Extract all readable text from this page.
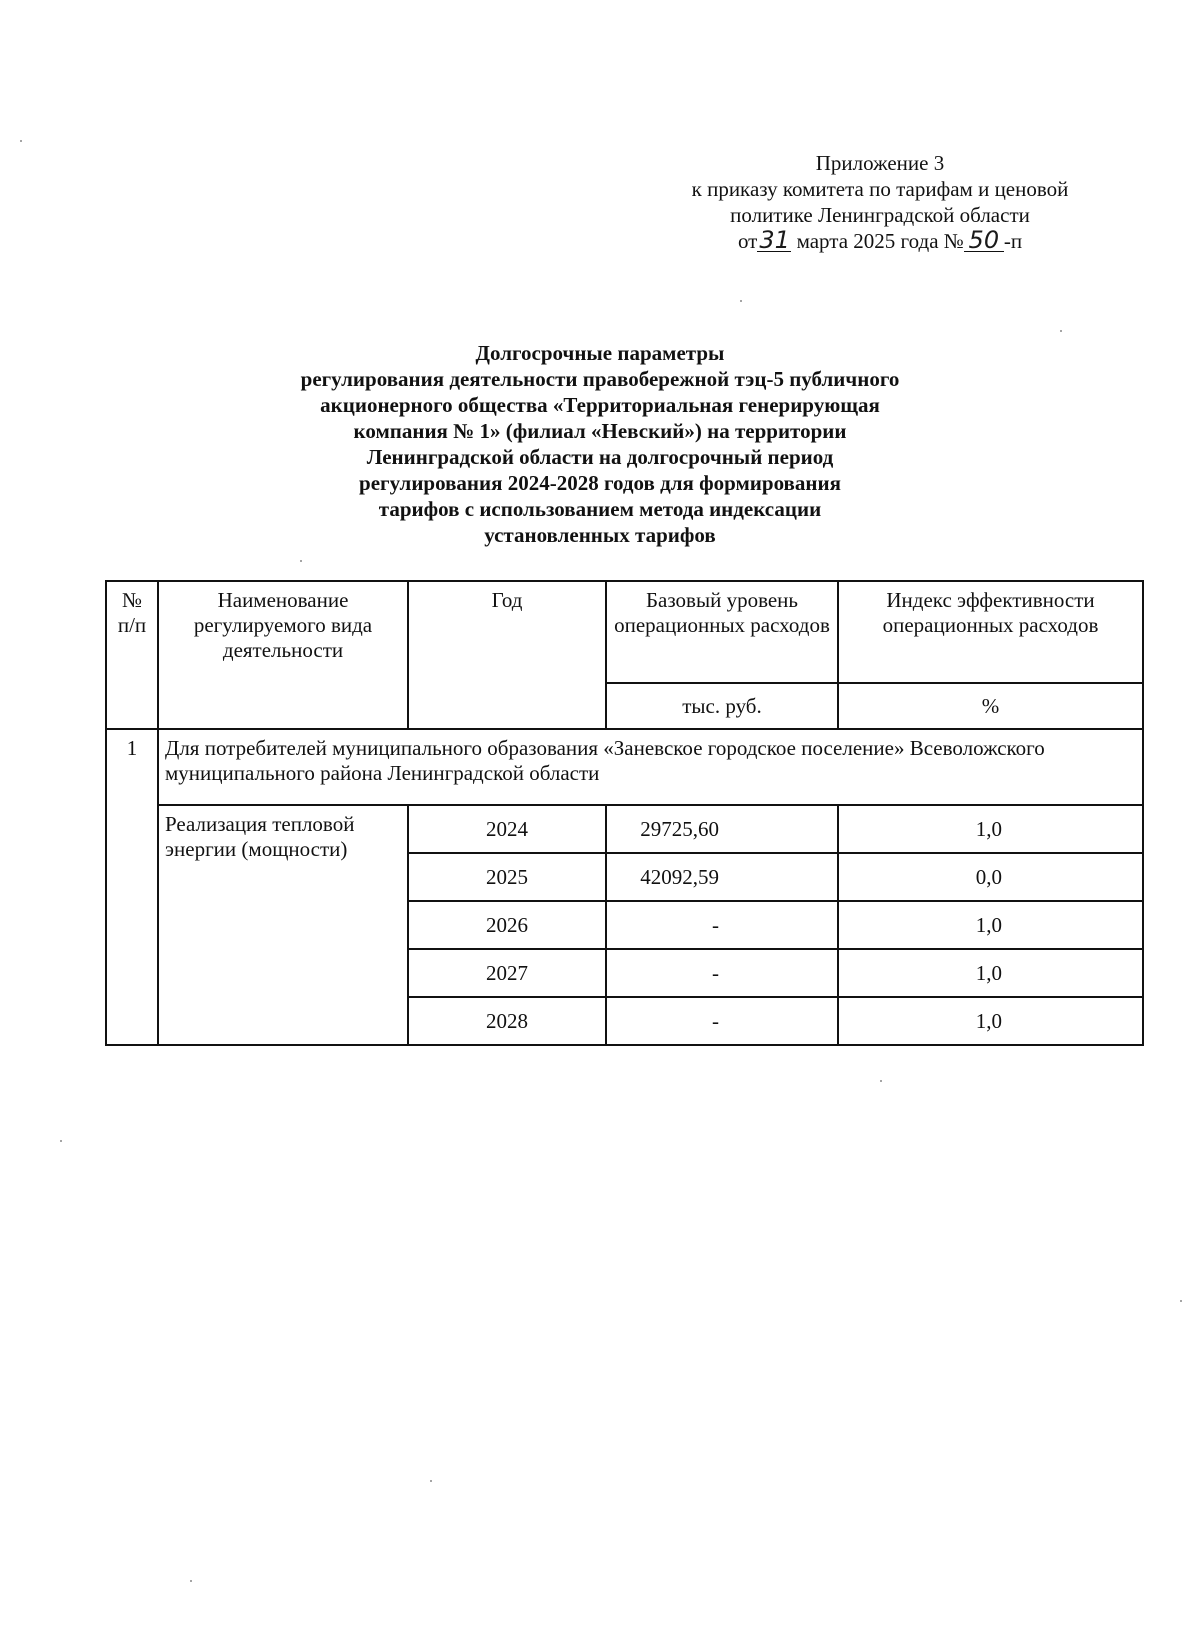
Приложение 3
к приказу комитета по тарифам и ценовой
политике Ленинградской области
от31 марта 2025 года № 50 -п
Долгосрочные параметры
регулирования деятельности правобережной тэц-5 публичного
акционерного общества «Территориальная генерирующая
компания № 1» (филиал «Невский») на территории
Ленинградской области на долгосрочный период
регулирования 2024-2028 годов для формирования
тарифов с использованием метода индексации
установленных тарифов
№ п/п	Наименование регулируемого вида деятельности	Год	Базовый уровень операционных расходов	Индекс эффективности операционных расходов
			тыс. руб.	%
1	Для потребителей муниципального образования «Заневское городское поселение» Всеволожского муниципального района Ленинградской области			
	Реализация тепловой энергии (мощности)	2024	29725,60	1,0
		2025	42092,59	0,0
		2026	-	1,0
		2027	-	1,0
		2028	-	1,0
